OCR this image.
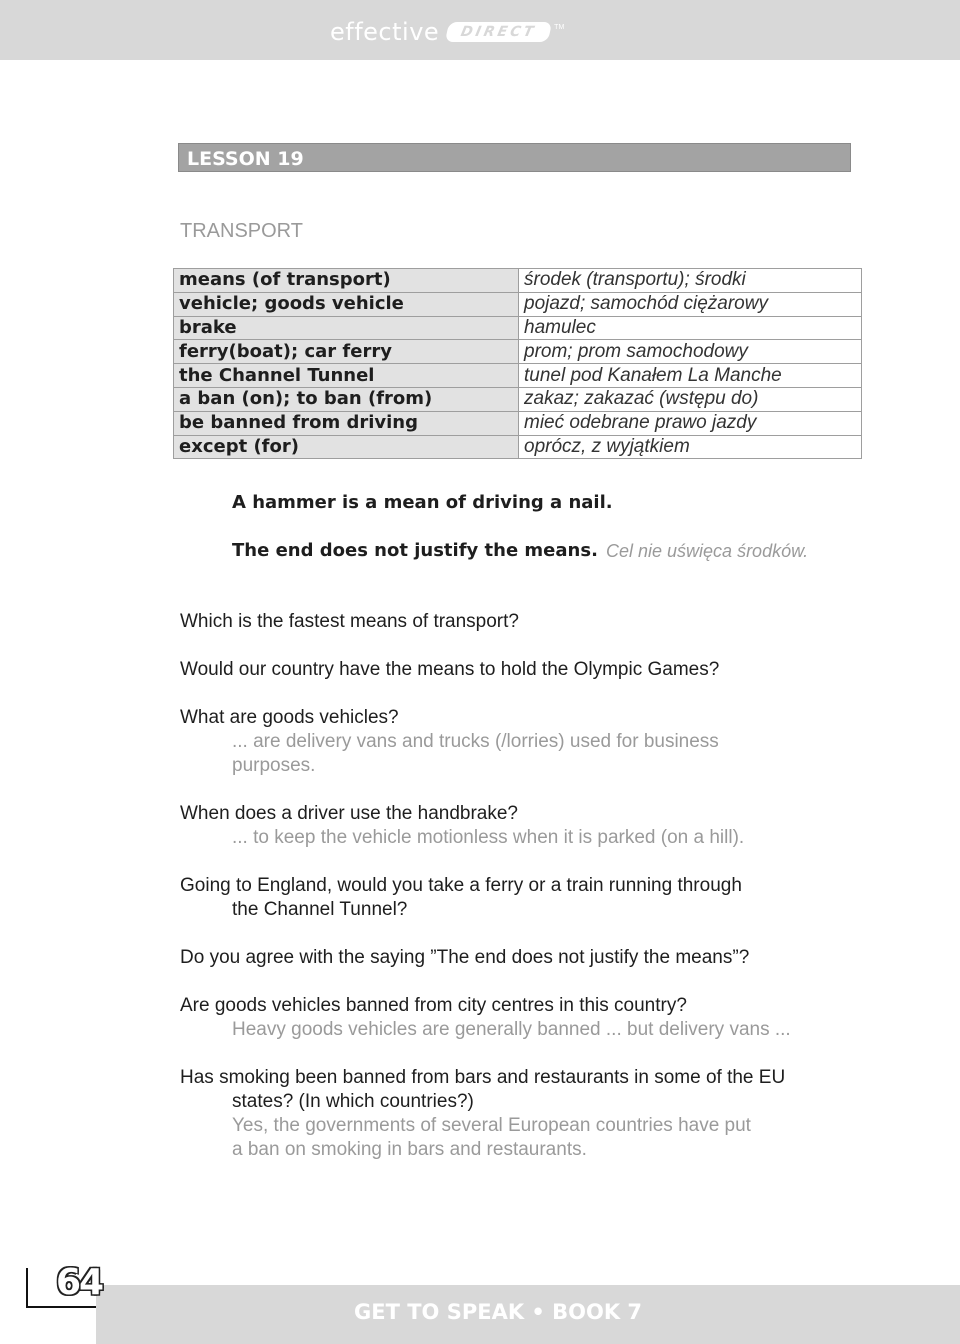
effective	DIRECT	TM
LESSON 19
TRANSPORT
means (of transport)	środek (transportu); środki
vehicle; goods vehicle	pojazd; samochód ciężarowy
brake	hamulec
ferry(boat); car ferry	prom; prom samochodowy
the Channel Tunnel	tunel pod Kanałem La Manche
a ban (on); to ban (from)	zakaz; zakazać (wstępu do)
be banned from driving	mieć odebrane prawo jazdy
except (for)	oprócz, z wyjątkiem
A hammer is a mean of driving a nail.
The end does not justify the means. Cel nie uświęca środków.
Which is the fastest means of transport?
Would our country have the means to hold the Olympic Games?
What are goods vehicles?
... are delivery vans and trucks (/lorries) used for business
purposes.
When does a driver use the handbrake?
... to keep the vehicle motionless when it is parked (on a hill).
Going to England, would you take a ferry or a train running through
the Channel Tunnel?
Do you agree with the saying ”The end does not justify the means”?
Are goods vehicles banned from city centres in this country?
Heavy goods vehicles are generally banned ... but delivery vans ...
Has smoking been banned from bars and restaurants in some of the EU
states? (In which countries?)
Yes, the governments of several European countries have put
a ban on smoking in bars and restaurants.
64
GET TO SPEAK • BOOK 7
